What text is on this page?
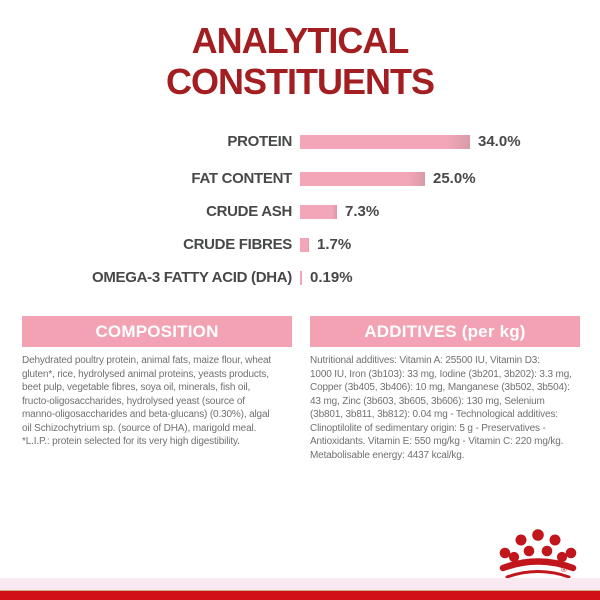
ANALYTICAL
CONSTITUENTS
PROTEIN	34.0%
FAT CONTENT	25.0%
CRUDE ASH	7.3%
CRUDE FIBRES 1.7%
OMEGA-3 FATTY ACID (DHA) 0.19%
COMPOSITION	ADDITIVES (per kg)
Dehydrated poultry protein, animal fats, maize flour, wheat
gluten*, rice, hydrolysed animal proteins, yeasts products,
beet pulp, vegetable fibres, soya oil, minerals, fish oil,
fructo-oligosaccharides, hydrolysed yeast (source of
manno-oligosaccharides and beta-glucans) (0.30%), algal
oil Schizochytrium sp. (source of DHA), marigold meal.
*L.I.P.: protein selected for its very high digestibility.
Nutritional additives: Vitamin A: 25500 IU, Vitamin D3:
1000 IU, Iron (3b103): 33 mg, Iodine (3b201, 3b202): 3.3 mg,
Copper (3b405, 3b406): 10 mg, Manganese (3b502, 3b504):
43 mg, Zinc (3b603, 3b605, 3b606): 130 mg, Selenium
(3b801, 3b811, 3b812): 0.04 mg - Technological additives:
Clinoptilolite of sedimentary origin: 5 g - Preservatives -
Antioxidants. Vitamin E: 550 mg/kg - Vitamin C: 220 mg/kg.
Metabolisable energy: 4437 kcal/kg.
®
